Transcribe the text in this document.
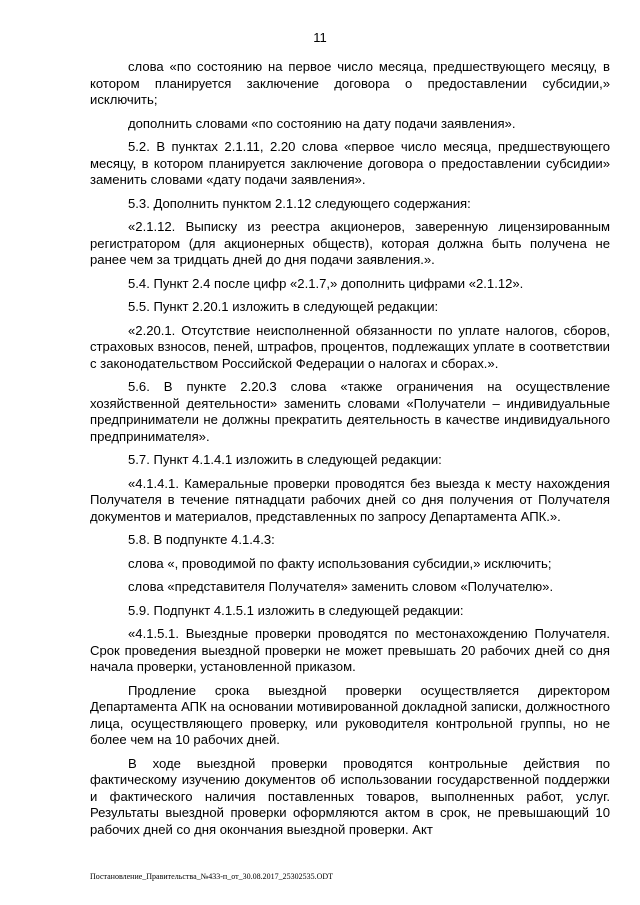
11

слова «по состоянию на первое число месяца, предшествующего месяцу, в котором планируется заключение договора о предоставлении субсидии,» исключить;

дополнить словами «по состоянию на дату подачи заявления».

5.2. В пунктах 2.1.11, 2.20 слова «первое число месяца, предшествующего месяцу, в котором планируется заключение договора о предоставлении субсидии» заменить словами «дату подачи заявления».

5.3. Дополнить пунктом 2.1.12 следующего содержания:

«2.1.12. Выписку из реестра акционеров, заверенную лицензированным регистратором (для акционерных обществ), которая должна быть получена не ранее чем за тридцать дней до дня подачи заявления.».

5.4. Пункт 2.4 после цифр «2.1.7,» дополнить цифрами «2.1.12».

5.5. Пункт 2.20.1 изложить в следующей редакции:

«2.20.1. Отсутствие неисполненной обязанности по уплате налогов, сборов, страховых взносов, пеней, штрафов, процентов, подлежащих уплате в соответствии с законодательством Российской Федерации о налогах и сборах.».

5.6. В пункте 2.20.3 слова «также ограничения на осуществление хозяйственной деятельности» заменить словами «Получатели – индивидуальные предприниматели не должны прекратить деятельность в качестве индивидуального предпринимателя».

5.7. Пункт 4.1.4.1 изложить в следующей редакции:

«4.1.4.1. Камеральные проверки проводятся без выезда к месту нахождения Получателя в течение пятнадцати рабочих дней со дня получения от Получателя документов и материалов, представленных по запросу Департамента АПК.».

5.8. В подпункте 4.1.4.3:

слова «, проводимой по факту использования субсидии,» исключить;

слова «представителя Получателя» заменить словом «Получателю».

5.9. Подпункт 4.1.5.1 изложить в следующей редакции:

«4.1.5.1. Выездные проверки проводятся по местонахождению Получателя. Срок проведения выездной проверки не может превышать 20 рабочих дней со дня начала проверки, установленной приказом.

Продление срока выездной проверки осуществляется директором Департамента АПК на основании мотивированной докладной записки, должностного лица, осуществляющего проверку, или руководителя контрольной группы, но не более чем на 10 рабочих дней.

В ходе выездной проверки проводятся контрольные действия по фактическому изучению документов об использовании государственной поддержки и фактического наличия поставленных товаров, выполненных работ, услуг. Результаты выездной проверки оформляются актом в срок, не превышающий 10 рабочих дней со дня окончания выездной проверки. Акт

Постановление_Правительства_№433-п_от_30.08.2017_25302535.ODT
